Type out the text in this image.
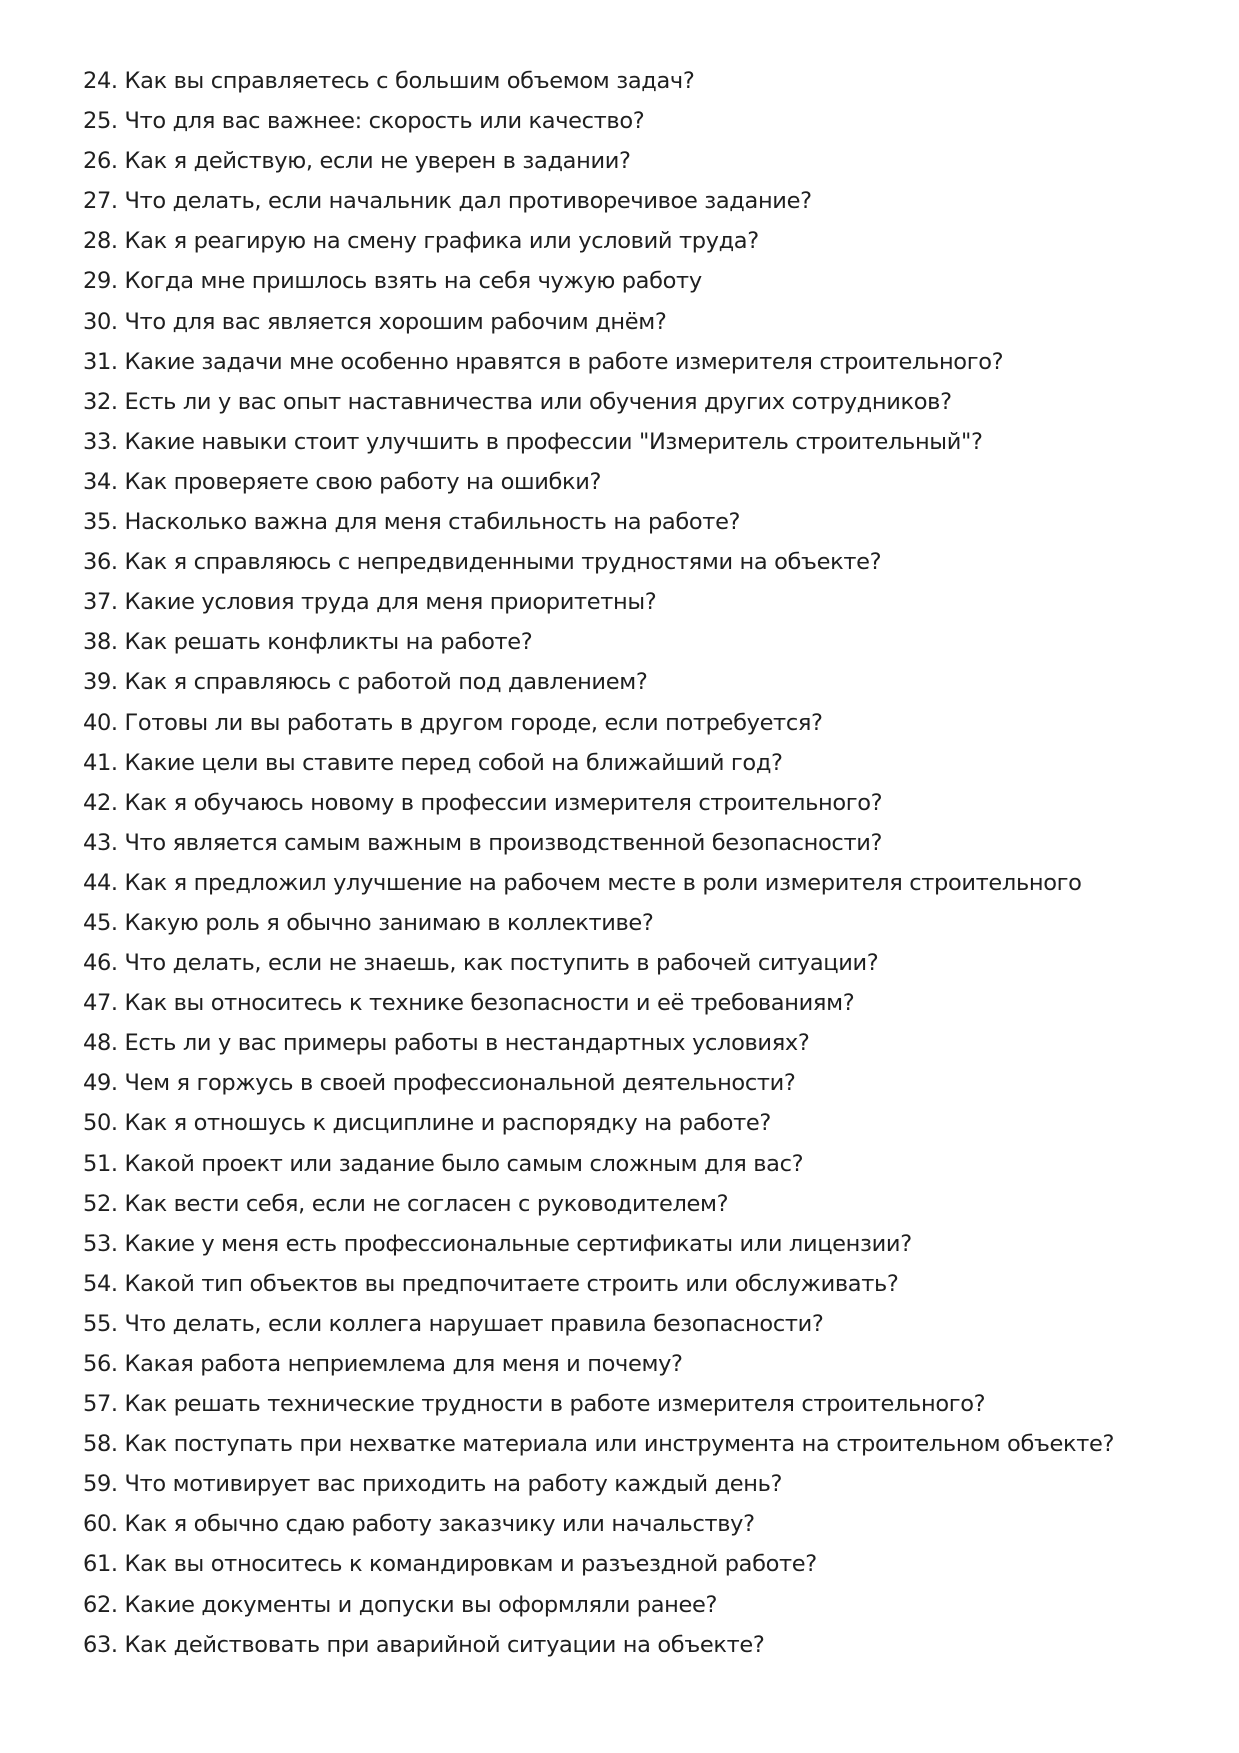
24. Как вы справляетесь с большим объемом задач?
25. Что для вас важнее: скорость или качество?
26. Как я действую, если не уверен в задании?
27. Что делать, если начальник дал противоречивое задание?
28. Как я реагирую на смену графика или условий труда?
29. Когда мне пришлось взять на себя чужую работу
30. Что для вас является хорошим рабочим днём?
31. Какие задачи мне особенно нравятся в работе измерителя строительного?
32. Есть ли у вас опыт наставничества или обучения других сотрудников?
33. Какие навыки стоит улучшить в профессии "Измеритель строительный"?
34. Как проверяете свою работу на ошибки?
35. Насколько важна для меня стабильность на работе?
36. Как я справляюсь с непредвиденными трудностями на объекте?
37. Какие условия труда для меня приоритетны?
38. Как решать конфликты на работе?
39. Как я справляюсь с работой под давлением?
40. Готовы ли вы работать в другом городе, если потребуется?
41. Какие цели вы ставите перед собой на ближайший год?
42. Как я обучаюсь новому в профессии измерителя строительного?
43. Что является самым важным в производственной безопасности?
44. Как я предложил улучшение на рабочем месте в роли измерителя строительного
45. Какую роль я обычно занимаю в коллективе?
46. Что делать, если не знаешь, как поступить в рабочей ситуации?
47. Как вы относитесь к технике безопасности и её требованиям?
48. Есть ли у вас примеры работы в нестандартных условиях?
49. Чем я горжусь в своей профессиональной деятельности?
50. Как я отношусь к дисциплине и распорядку на работе?
51. Какой проект или задание было самым сложным для вас?
52. Как вести себя, если не согласен с руководителем?
53. Какие у меня есть профессиональные сертификаты или лицензии?
54. Какой тип объектов вы предпочитаете строить или обслуживать?
55. Что делать, если коллега нарушает правила безопасности?
56. Какая работа неприемлема для меня и почему?
57. Как решать технические трудности в работе измерителя строительного?
58. Как поступать при нехватке материала или инструмента на строительном объекте?
59. Что мотивирует вас приходить на работу каждый день?
60. Как я обычно сдаю работу заказчику или начальству?
61. Как вы относитесь к командировкам и разъездной работе?
62. Какие документы и допуски вы оформляли ранее?
63. Как действовать при аварийной ситуации на объекте?
